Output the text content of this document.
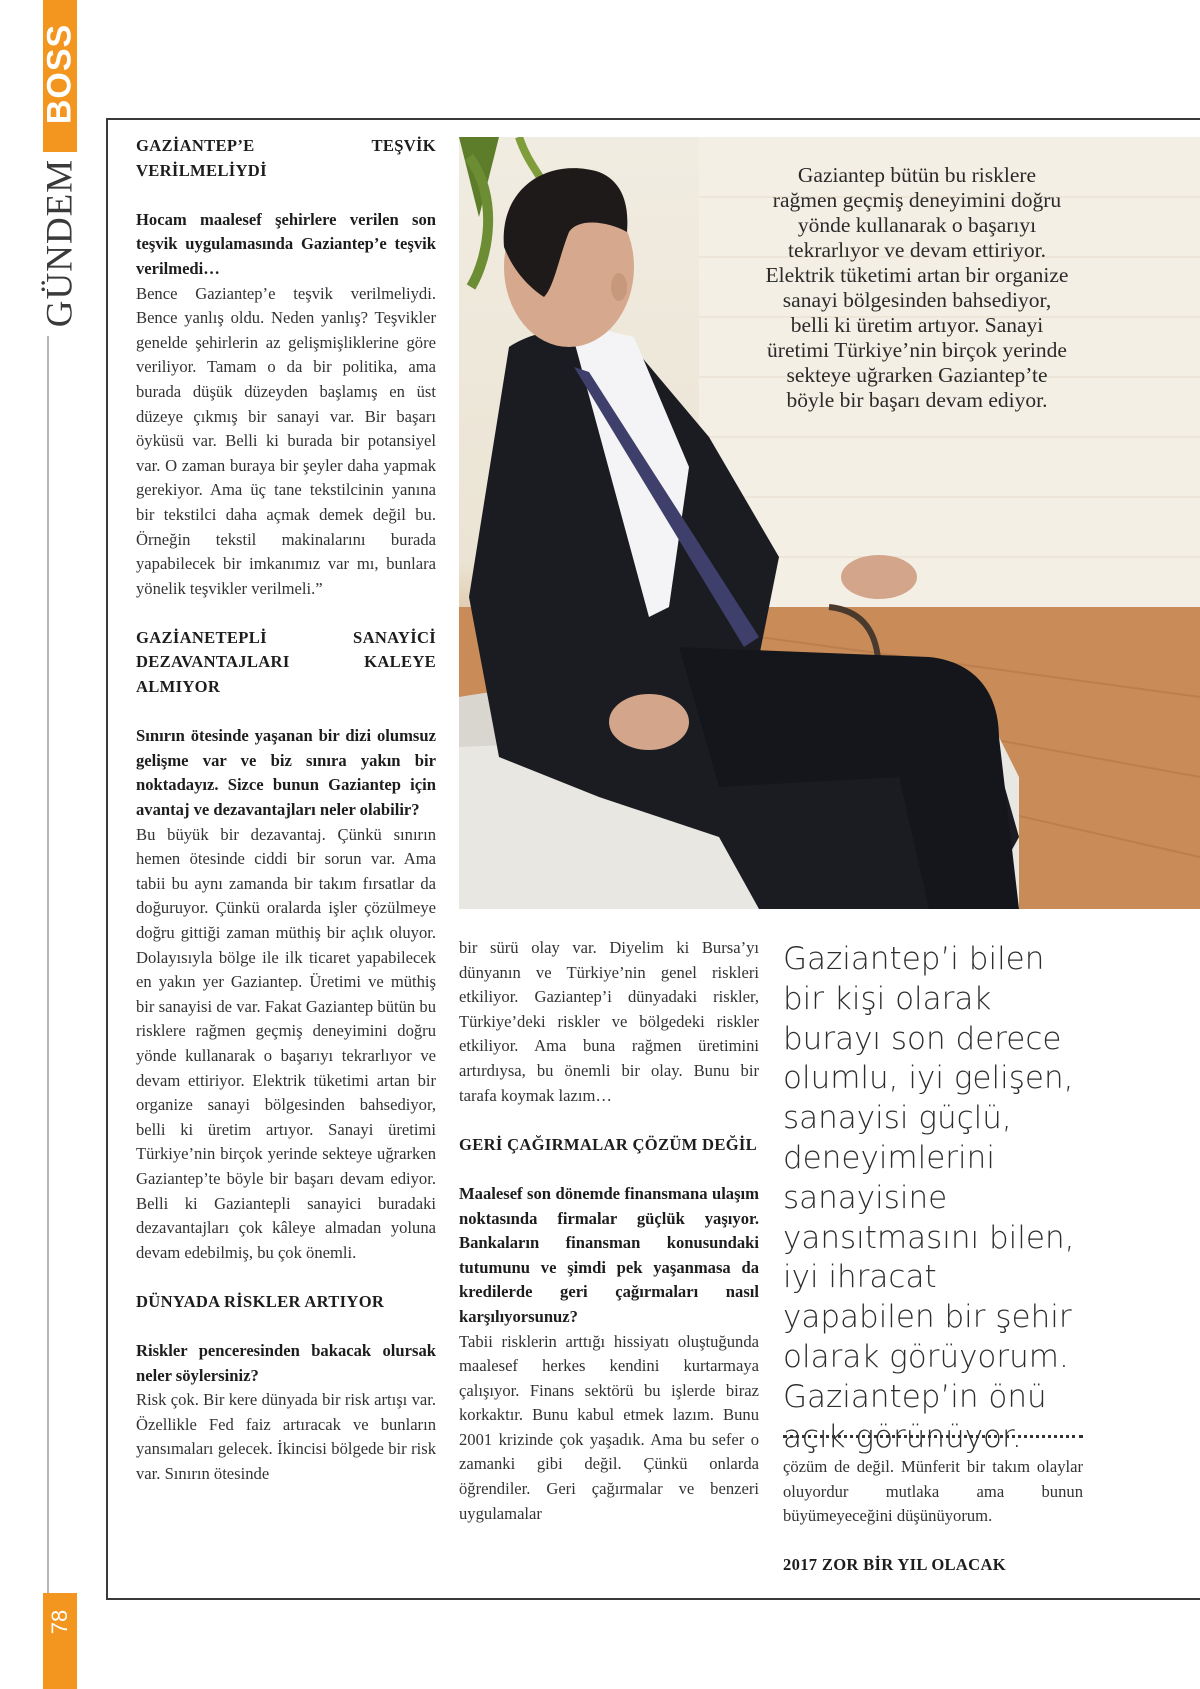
BOSS
GÜNDEM
78
Gaziantep bütün bu risklere rağmen geçmiş deneyimini doğru yönde kullanarak o başarıyı tekrarlıyor ve devam ettiriyor. Elektrik tüketimi artan bir organize sanayi bölgesinden bahsediyor, belli ki üretim artıyor. Sanayi üretimi Türkiye’nin birçok yerinde sekteye uğrarken Gaziantep’te böyle bir başarı devam ediyor.

GAZİANTEP’E TEŞVİK VERİLMELİYDİ

Hocam maalesef şehirlere verilen son teşvik uygulamasında Gaziantep’e teşvik verilmedi…

Bence Gaziantep’e teşvik verilmeliydi. Bence yanlış oldu. Neden yanlış? Teşvikler genelde şehirlerin az gelişmişliklerine göre veriliyor. Tamam o da bir politika, ama burada düşük düzeyden başlamış en üst düzeye çıkmış bir sanayi var. Bir başarı öyküsü var. Belli ki burada bir potansiyel var. O zaman buraya bir şeyler daha yapmak gerekiyor. Ama üç tane tekstilcinin yanına bir tekstilci daha açmak demek değil bu. Örneğin tekstil makinalarını burada yapabilecek bir imkanımız var mı, bunlara yönelik teşvikler verilmeli.”

GAZİANETEPLİ SANAYİCİ DEZAVANTAJLARI KALEYE ALMIYOR

Sınırın ötesinde yaşanan bir dizi olumsuz gelişme var ve biz sınıra yakın bir noktadayız. Sizce bunun Gaziantep için avantaj ve dezavantajları neler olabilir?

Bu büyük bir dezavantaj. Çünkü sınırın hemen ötesinde ciddi bir sorun var. Ama tabii bu aynı zamanda bir takım fırsatlar da doğuruyor. Çünkü oralarda işler çözülmeye doğru gittiği zaman müthiş bir açlık oluyor. Dolayısıyla bölge ile ilk ticaret yapabilecek en yakın yer Gaziantep. Üretimi ve müthiş bir sanayisi de var. Fakat Gaziantep bütün bu risklere rağmen geçmiş deneyimini doğru yönde kullanarak o başarıyı tekrarlıyor ve devam ettiriyor. Elektrik tüketimi artan bir organize sanayi bölgesinden bahsediyor, belli ki üretim artıyor. Sanayi üretimi Türkiye’nin birçok yerinde sekteye uğrarken Gaziantep’te böyle bir başarı devam ediyor. Belli ki Gaziantepli sanayici buradaki dezavantajları çok kâleye almadan yoluna devam edebilmiş, bu çok önemli.

DÜNYADA RİSKLER ARTIYOR

Riskler penceresinden bakacak olursak neler söylersiniz?

Risk çok. Bir kere dünyada bir risk artışı var. Özellikle Fed faiz artıracak ve bunların yansımaları gelecek. İkincisi bölgede bir risk var. Sınırın ötesinde

bir sürü olay var. Diyelim ki Bursa’yı dünyanın ve Türkiye’nin genel riskleri etkiliyor. Gaziantep’i dünyadaki riskler, Türkiye’deki riskler ve bölgedeki riskler etkiliyor. Ama buna rağmen üretimini artırdıysa, bu önemli bir olay. Bunu bir tarafa koymak lazım…

GERİ ÇAĞIRMALAR ÇÖZÜM DEĞİL

Maalesef son dönemde finansmana ulaşım noktasında firmalar güçlük yaşıyor. Bankaların finansman konusundaki tutumunu ve şimdi pek yaşanmasa da kredilerde geri çağırmaları nasıl karşılıyorsunuz?

Tabii risklerin arttığı hissiyatı oluştuğunda maalesef herkes kendini kurtarmaya çalışıyor. Finans sektörü bu işlerde biraz korkaktır. Bunu kabul etmek lazım. Bunu 2001 krizinde çok yaşadık. Ama bu sefer o zamanki gibi değil. Çünkü onlarda öğrendiler. Geri çağırmalar ve benzeri uygulamalar

Gaziantep’i bilen bir kişi olarak burayı son derece olumlu, iyi gelişen, sanayisi güçlü, deneyimlerini sanayisine yansıtmasını bilen, iyi ihracat yapabilen bir şehir olarak görüyorum. Gaziantep’in önü açık görünüyor.

çözüm de değil. Münferit bir takım olaylar oluyordur mutlaka ama bunun büyümeyeceğini düşünüyorum.

2017 ZOR BİR YIL OLACAK
